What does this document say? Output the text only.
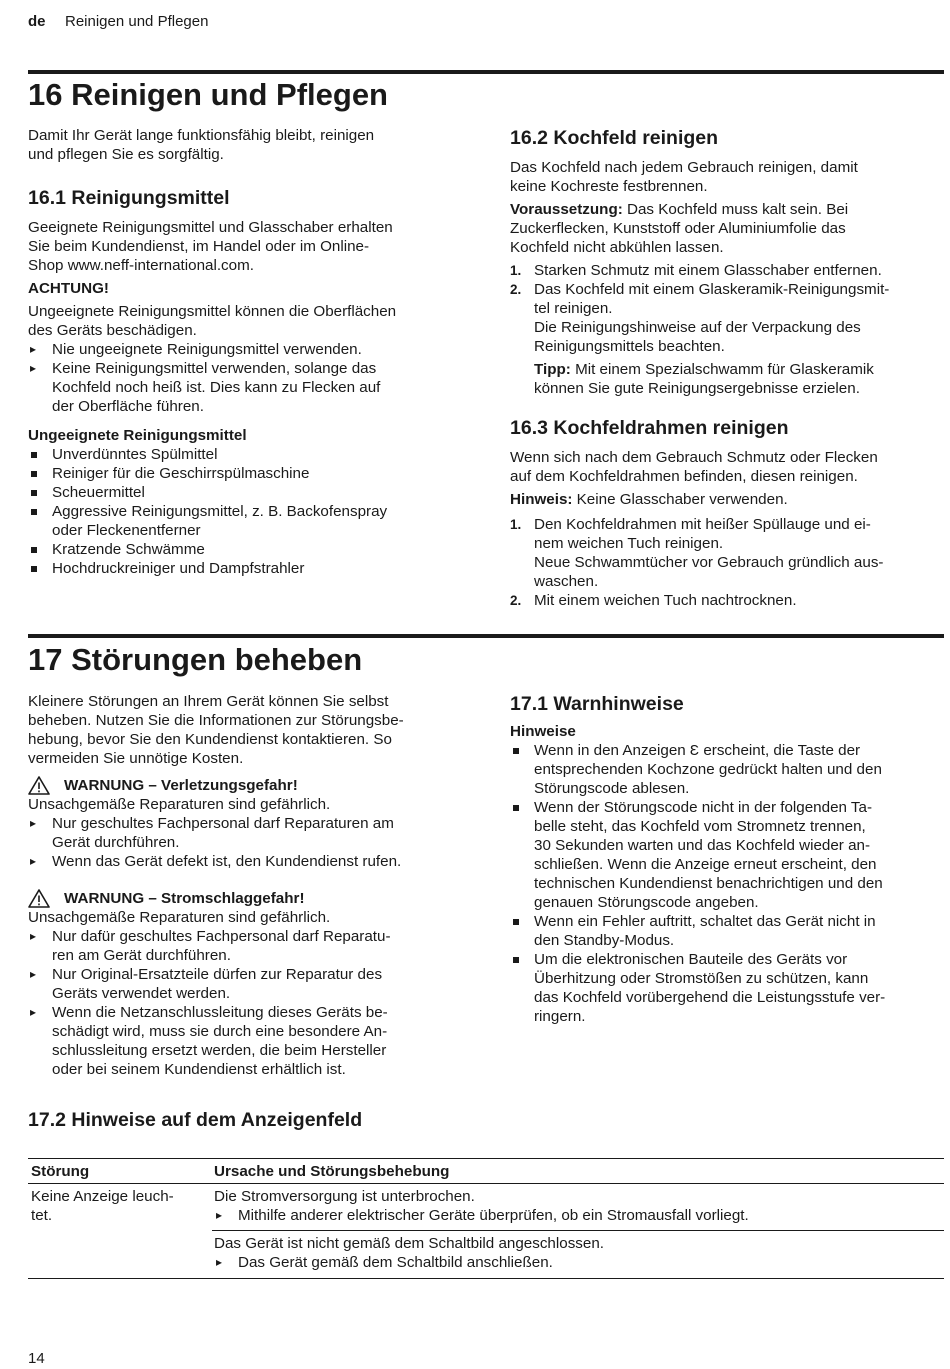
de Reinigen und Pflegen
16 Reinigen und Pflegen

Damit Ihr Gerät lange funktionsfähig bleibt, reinigen
und pflegen Sie es sorgfältig.

16.1 Reinigungsmittel

Geeignete Reinigungsmittel und Glasschaber erhalten
Sie beim Kundendienst, im Handel oder im Online-
Shop www.neff-international.com.

ACHTUNG!

Ungeeignete Reinigungsmittel können die Oberflächen
des Geräts beschädigen.

▸ Nie ungeeignete Reinigungsmittel verwenden.
▸ Keine Reinigungsmittel verwenden, solange das
Kochfeld noch heiß ist. Dies kann zu Flecken auf
der Oberfläche führen.

Ungeeignete Reinigungsmittel

Unverdünntes Spülmittel
Reiniger für die Geschirrspülmaschine
Scheuermittel
Aggressive Reinigungsmittel, z. B. Backofenspray
oder Fleckenentferner
Kratzende Schwämme
Hochdruckreiniger und Dampfstrahler
16.2 Kochfeld reinigen

Das Kochfeld nach jedem Gebrauch reinigen, damit
keine Kochreste festbrennen.

Voraussetzung: Das Kochfeld muss kalt sein. Bei
Zuckerflecken, Kunststoff oder Aluminiumfolie das
Kochfeld nicht abkühlen lassen.

1. Starken Schmutz mit einem Glasschaber entfernen.
2. Das Kochfeld mit einem Glaskeramik-Reinigungsmit-
tel reinigen.
Die Reinigungshinweise auf der Verpackung des
Reinigungsmittels beachten.
Tipp: Mit einem Spezialschwamm für Glaskeramik
können Sie gute Reinigungsergebnisse erzielen.
16.3 Kochfeldrahmen reinigen

Wenn sich nach dem Gebrauch Schmutz oder Flecken
auf dem Kochfeldrahmen befinden, diesen reinigen.

Hinweis: Keine Glasschaber verwenden.

1. Den Kochfeldrahmen mit heißer Spüllauge und ei-
nem weichen Tuch reinigen.
Neue Schwammtücher vor Gebrauch gründlich aus-
waschen.
2. Mit einem weichen Tuch nachtrocknen.
17 Störungen beheben

Kleinere Störungen an Ihrem Gerät können Sie selbst
beheben. Nutzen Sie die Informationen zur Störungsbe-
hebung, bevor Sie den Kundendienst kontaktieren. So
vermeiden Sie unnötige Kosten.

WARNUNG – Verletzungsgefahr!

Unsachgemäße Reparaturen sind gefährlich.

▸ Nur geschultes Fachpersonal darf Reparaturen am
Gerät durchführen.
▸ Wenn das Gerät defekt ist, den Kundendienst rufen.
WARNUNG – Stromschlaggefahr!

Unsachgemäße Reparaturen sind gefährlich.

▸ Nur dafür geschultes Fachpersonal darf Reparatu-
ren am Gerät durchführen.
▸ Nur Original-Ersatzteile dürfen zur Reparatur des
Geräts verwendet werden.
▸ Wenn die Netzanschlussleitung dieses Geräts be-
schädigt wird, muss sie durch eine besondere An-
schlussleitung ersetzt werden, die beim Hersteller
oder bei seinem Kundendienst erhältlich ist.
17.1 Warnhinweise

Hinweise

Wenn in den Anzeigen Ɛ erscheint, die Taste der
entsprechenden Kochzone gedrückt halten und den
Störungscode ablesen.
Wenn der Störungscode nicht in der folgenden Ta-
belle steht, das Kochfeld vom Stromnetz trennen,
30 Sekunden warten und das Kochfeld wieder an-
schließen. Wenn die Anzeige erneut erscheint, den
technischen Kundendienst benachrichtigen und den
genauen Störungscode angeben.
Wenn ein Fehler auftritt, schaltet das Gerät nicht in
den Standby-Modus.
Um die elektronischen Bauteile des Geräts vor
Überhitzung oder Stromstößen zu schützen, kann
das Kochfeld vorübergehend die Leistungsstufe ver-
ringern.
17.2 Hinweise auf dem Anzeigenfeld
Störung	Ursache und Störungsbehebung
Keine Anzeige leuch-
tet.
Die Stromversorgung ist unterbrochen.
▸ Mithilfe anderer elektrischer Geräte überprüfen, ob ein Stromausfall vorliegt.
Das Gerät ist nicht gemäß dem Schaltbild angeschlossen.
▸ Das Gerät gemäß dem Schaltbild anschließen.
14
